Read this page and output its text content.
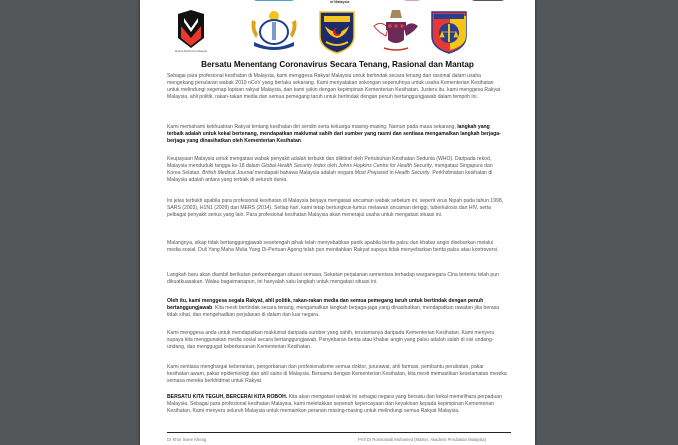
of Malaysia
Medical Mythbusters Malaysia
Bersatu Menentang Coronavirus Secara Tenang, Rasional dan Mantap

Sebagai para profesional kesihatan di Malaysia, kami menggesa Rakyat Malaysia untuk bertindak secara tenang dan rasional dalam usaha mengekang penularan wabak 2019 nCoV yang berlaku sekarang. Kami menyatakan sokongan sepenuhnya untuk usaha Kementerian Kesihatan untuk melindungi segenap lapisan rakyat Malaysia, dan kami yakin dengan kepimpinan Kementerian Kesihatan. Justeru itu, kami menggesa Rakyat Malaysia, ahli politik, rakan-rakan media dan semua pemegang taruh untuk bertindak dengan penuh bertanggungjawab dalam tempoh ini.

Kami memahami kekhuatiran Rakyat tentang kesihatan diri sendiri serta keluarga masing-masing. Namun pada masa sekarang, langkah yang terbaik adalah untuk kekal bertenang, mendapatkan maklumat sahih dari sumber yang rasmi dan sentiasa mengamalkan langkah berjaga-berjaga yang dinasihatkan oleh Kementerian Kesihatan.

Keupayaan Malaysia untuk mengatasi wabak penyakit adalah terbukti dan diiktiraf oleh Pertubuhan Kesihatan Sedunia (WHO). Daripada rekod, Malaysia menduduki tangga ke-18 dalam Global Health Security Index oleh Johns Hopkins Centre for Health Security, mengatasi Singapura dan Korea Selatan. British Medical Journal mendapati bahawa Malaysia adalah negara Most Prepared in Health Security. Perkhidmatan kesihatan di Malaysia adalah antara yang terbaik di seluruh dunia.

Ini jelas terbukti apabila para profesional kesihatan di Malaysia berjaya mengatasi ancaman wabak sebelum ini, seperti virus Nipah pada tahun 1998, SARS (2003), H1N1 (2009) dan MERS (2014). Setiap hari, kami tetap bertungkus-lumus melawan ancaman denggi, tuberkulosis dan HIV, serta pelbagai penyakit serius yang lain. Para profesional kesihatan Malaysia akan menerajui usaha untuk mengatasi situasi ini.

Malangnya, sikap tidak bertanggungjawab sesetengah pihak telah menyebabkan panik apabila berita palsu dan khabar angin disebarkan melalui media sosial. Duli Yang Maha Mulia Yang Di-Pertuan Agong telah pun menitahkan Rakyat supaya tidak menyebarkan berita palsu atau kontroversi.

Langkah baru akan diambil berikutan perkembangan situasi semasa. Sekatan perjalanan sementara terhadap warganegara Cina tertentu telah pun dikuatkuasakan. Walau bagaimanapun, ini hanyalah satu langkah untuk mengatasi situasi ini.

Oleh itu, kami menggesa segala Rakyat, ahli politik, rakan-rakan media dan semua pemegang taruh untuk bertindak dengan penuh bertanggungjawab. Kita mesti bertindak secara tenang, mengamalkan langkah berjaga-jaga yang dinasihatkan, mendapatkan rawatan jika berasa tidak sihat, dan mengehadkan perjalanan di dalam dan luar negara.

Kami menggesa anda untuk mendapatkan maklumat daripada sumber yang sahih, terutamanya daripada Kementerian Kesihatan. Kami menyeru supaya kita menggunakan media sosial secara bertanggungjawab. Penyebaran berita atau khabar angin yang palsu adalah salah di sisi undang-undang, dan menggugat keberkesanan Kementerian Kesihatan.

Kami sentiasa menghargai keberanian, pengorbanan dan profesionalisme semua doktor, jururawat, ahli farmasi, pembantu perubatan, pakar kesihatan awam, pakar epidemiologi dan ahli sains di Malaysia. Bersama dengan Kementerian Kesihatan, kita mesti memastikan keselamatan mereka semasa mereka berkhidmat untuk Rakyat.

BERSATU KITA TEGUH, BERCERAI KITA ROBOH. Kita akan mengatasi wabak ini sebagai negara yang bersatu dan kekal memelihara perpaduan Malaysia. Sebagai para profesional kesihatan Malaysia, kami meletakkan sepenuh kepercayaan dan keyakinan kepada kepimpinan Kementerian Kesihatan. Kami menyeru seluruh Malaysia untuk memainkan peranan masing-masing untuk melindungi semua Rakyat Malaysia.

Dr Khor Swee Kheng	Prof Dr Rosmawati Mohamed (Master, Akademi Perubatan Malaysia)
